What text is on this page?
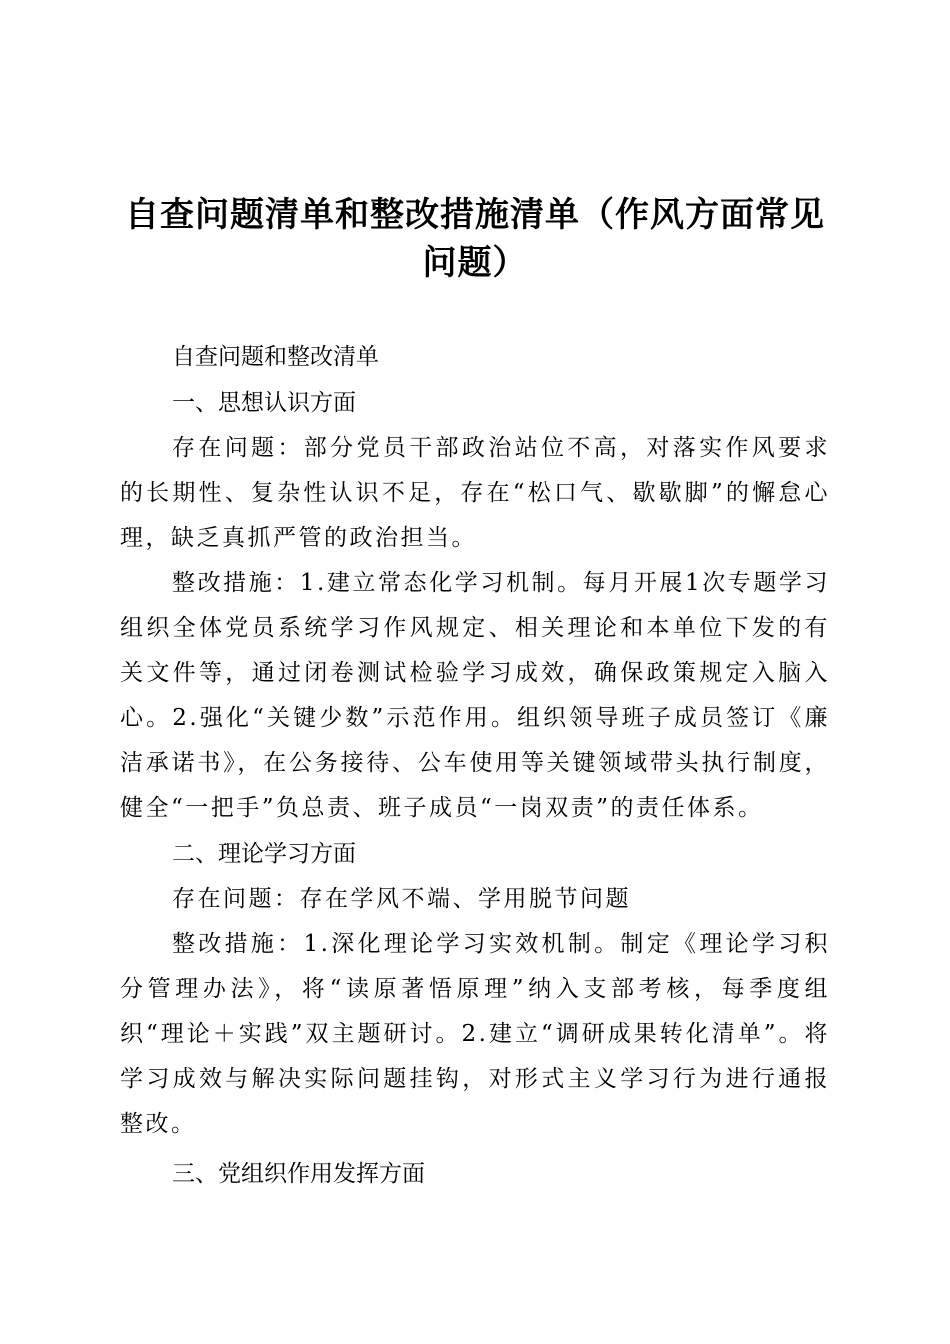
自查问题清单和整改措施清单（作风方面常见问题）

自查问题和整改清单

一、思想认识方面

存在问题：部分党员干部政治站位不高，对落实作风要求的长期性、复杂性认识不足，存在“松口气、歇歇脚”的懈怠心理，缺乏真抓严管的政治担当。

整改措施：1.建立常态化学习机制。每月开展1次专题学习组织全体党员系统学习作风规定、相关理论和本单位下发的有关文件等，通过闭卷测试检验学习成效，确保政策规定入脑入心。2.强化“关键少数”示范作用。组织领导班子成员签订《廉洁承诺书》，在公务接待、公车使用等关键领域带头执行制度，健全“一把手”负总责、班子成员“一岗双责”的责任体系。

二、理论学习方面

存在问题：存在学风不端、学用脱节问题

整改措施：1.深化理论学习实效机制。制定《理论学习积分管理办法》，将“读原著悟原理”纳入支部考核，每季度组织“理论＋实践”双主题研讨。2.建立“调研成果转化清单”。将学习成效与解决实际问题挂钩，对形式主义学习行为进行通报整改。

三、党组织作用发挥方面
